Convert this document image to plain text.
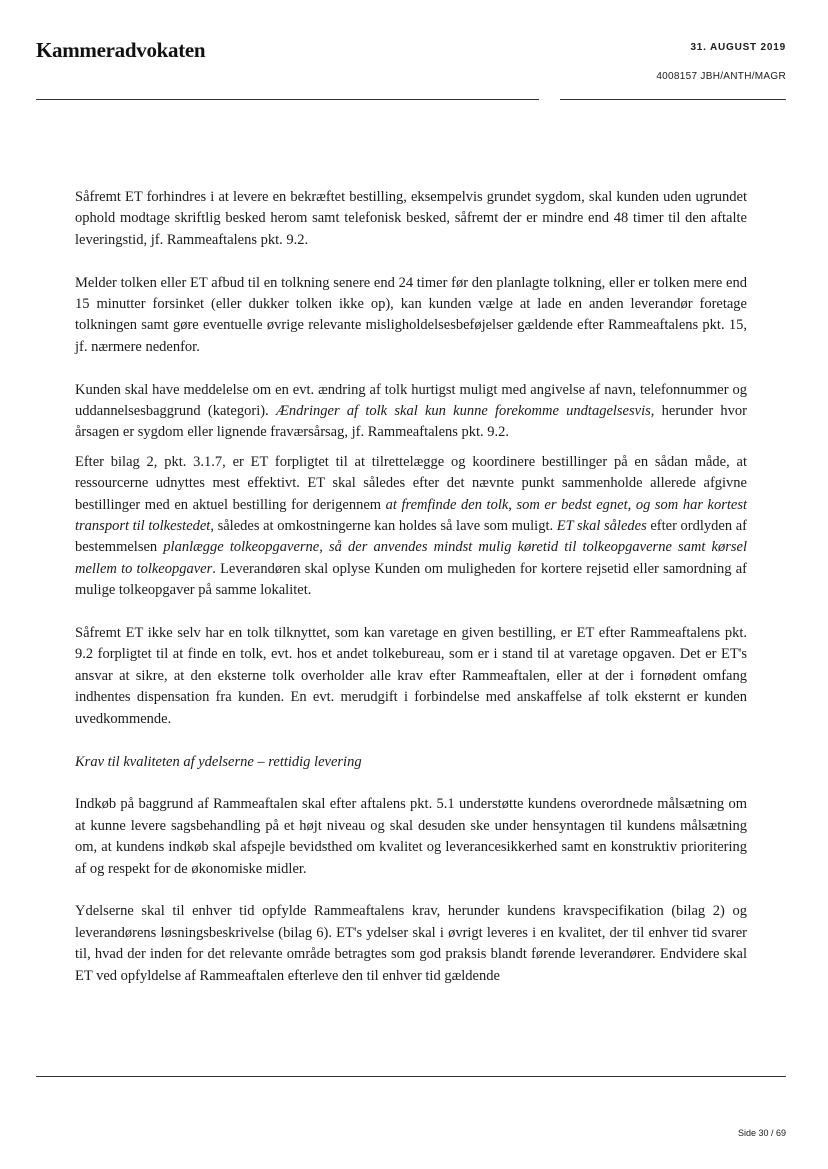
Kammeradvokaten	31. AUGUST 2019
4008157 JBH/ANTH/MAGR

Såfremt ET forhindres i at levere en bekræftet bestilling, eksempelvis grundet sygdom, skal kunden uden ugrundet ophold modtage skriftlig besked herom samt telefonisk besked, såfremt der er mindre end 48 timer til den aftalte leveringstid, jf. Rammeaftalens pkt. 9.2.

Melder tolken eller ET afbud til en tolkning senere end 24 timer før den planlagte tolkning, eller er tolken mere end 15 minutter forsinket (eller dukker tolken ikke op), kan kunden vælge at lade en anden leverandør foretage tolkningen samt gøre eventuelle øvrige relevante misligholdelsesbeføjelser gældende efter Rammeaftalens pkt. 15, jf. nærmere nedenfor.

Kunden skal have meddelelse om en evt. ændring af tolk hurtigst muligt med angivelse af navn, telefonnummer og uddannelsesbaggrund (kategori). Ændringer af tolk skal kun kunne forekomme undtagelsesvis, herunder hvor årsagen er sygdom eller lignende fraværsårsag, jf. Rammeaftalens pkt. 9.2.

Efter bilag 2, pkt. 3.1.7, er ET forpligtet til at tilrettelægge og koordinere bestillinger på en sådan måde, at ressourcerne udnyttes mest effektivt. ET skal således efter det nævnte punkt sammenholde allerede afgivne bestillinger med en aktuel bestilling for derigennem at fremfinde den tolk, som er bedst egnet, og som har kortest transport til tolkestedet, således at omkostningerne kan holdes så lave som muligt. ET skal således efter ordlyden af bestemmelsen planlægge tolkeopgaverne, så der anvendes mindst mulig køretid til tolkeopgaverne samt kørsel mellem to tolkeopgaver. Leverandøren skal oplyse Kunden om muligheden for kortere rejsetid eller samordning af mulige tolkeopgaver på samme lokalitet.

Såfremt ET ikke selv har en tolk tilknyttet, som kan varetage en given bestilling, er ET efter Rammeaftalens pkt. 9.2 forpligtet til at finde en tolk, evt. hos et andet tolkebureau, som er i stand til at varetage opgaven. Det er ET's ansvar at sikre, at den eksterne tolk overholder alle krav efter Rammeaftalen, eller at der i fornødent omfang indhentes dispensation fra kunden. En evt. merudgift i forbindelse med anskaffelse af tolk eksternt er kunden uvedkommende.

Krav til kvaliteten af ydelserne – rettidig levering

Indkøb på baggrund af Rammeaftalen skal efter aftalens pkt. 5.1 understøtte kundens overordnede målsætning om at kunne levere sagsbehandling på et højt niveau og skal desuden ske under hensyntagen til kundens målsætning om, at kundens indkøb skal afspejle bevidsthed om kvalitet og leverancesikkerhed samt en konstruktiv prioritering af og respekt for de økonomiske midler.

Ydelserne skal til enhver tid opfylde Rammeaftalens krav, herunder kundens kravspecifikation (bilag 2) og leverandørens løsningsbeskrivelse (bilag 6). ET's ydelser skal i øvrigt leveres i en kvalitet, der til enhver tid svarer til, hvad der inden for det relevante område betragtes som god praksis blandt førende leverandører. Endvidere skal ET ved opfyldelse af Rammeaftalen efterleve den til enhver tid gældende

Side 30 / 69
